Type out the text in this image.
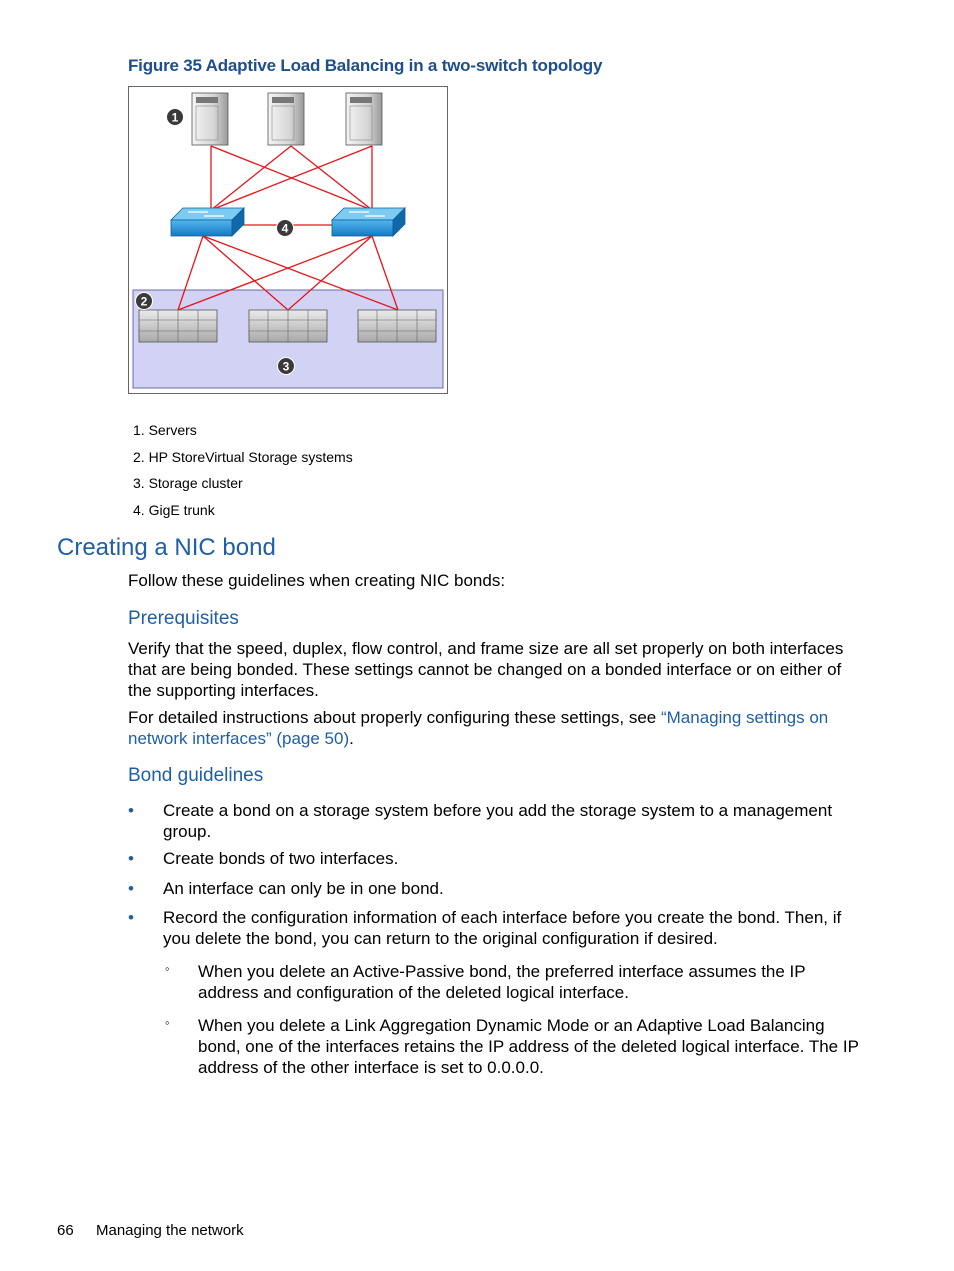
Figure 35 Adaptive Load Balancing in a two-switch topology
1
2
3
4
1. Servers
2. HP StoreVirtual Storage systems
3. Storage cluster
4. GigE trunk
Creating a NIC bond

Follow these guidelines when creating NIC bonds:

Prerequisites

Verify that the speed, duplex, flow control, and frame size are all set properly on both interfaces that are being bonded. These settings cannot be changed on a bonded interface or on either of the supporting interfaces.

For detailed instructions about properly configuring these settings, see “Managing settings on network interfaces” (page 50).

Bond guidelines
• Create a bond on a storage system before you add the storage system to a management group.
• Create bonds of two interfaces.
• An interface can only be in one bond.
• Record the configuration information of each interface before you create the bond. Then, if you delete the bond, you can return to the original configuration if desired.
◦ When you delete an Active-Passive bond, the preferred interface assumes the IP address and configuration of the deleted logical interface.
◦ When you delete a Link Aggregation Dynamic Mode or an Adaptive Load Balancing bond, one of the interfaces retains the IP address of the deleted logical interface. The IP address of the other interface is set to 0.0.0.0.
66 Managing the network
